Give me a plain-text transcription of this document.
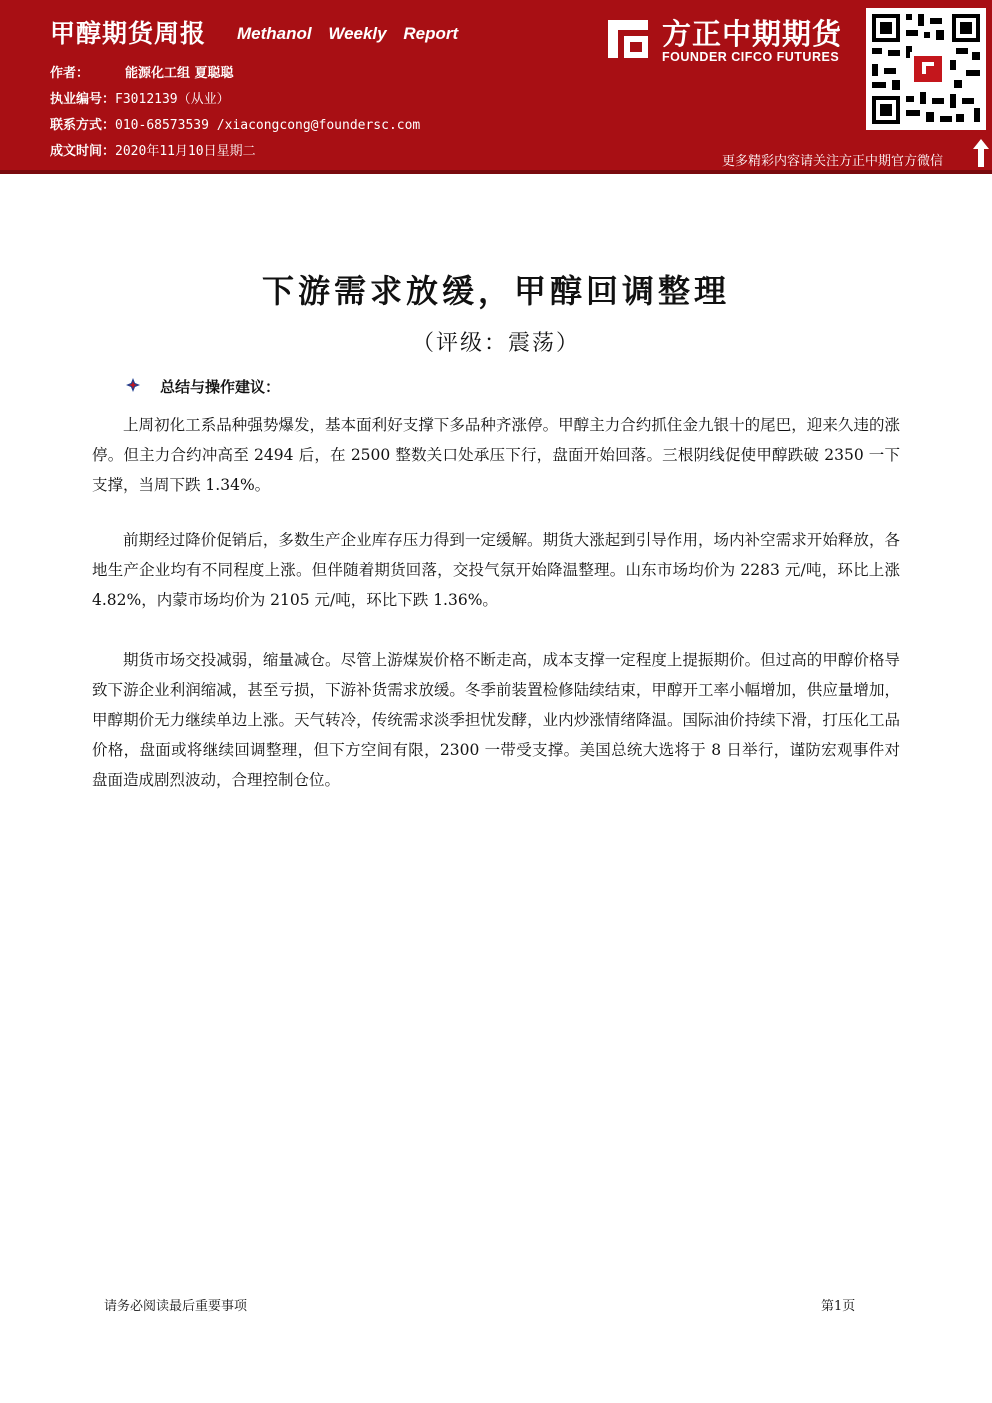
甲醇期货周报 Methanol Weekly Report
作者：	能源化工组 夏聪聪
执业编号：F3012139（从业）
联系方式：010-68573539 /xiacongcong@foundersc.com
成文时间：2020年11月10日星期二
方正中期期货
FOUNDER CIFCO FUTURES
更多精彩内容请关注方正中期官方微信
下游需求放缓，甲醇回调整理
（评级：震荡）
总结与操作建议：

上周初化工系品种强势爆发，基本面利好支撑下多品种齐涨停。甲醇主力合约抓住金九银十的尾巴，迎来久违的涨停。但主力合约冲高至 2494 后，在 2500 整数关口处承压下行，盘面开始回落。三根阴线促使甲醇跌破 2350 一下支撑，当周下跌 1.34%。

前期经过降价促销后，多数生产企业库存压力得到一定缓解。期货大涨起到引导作用，场内补空需求开始释放，各地生产企业均有不同程度上涨。但伴随着期货回落，交投气氛开始降温整理。山东市场均价为 2283 元/吨，环比上涨 4.82%，内蒙市场均价为 2105 元/吨，环比下跌 1.36%。

期货市场交投减弱，缩量减仓。尽管上游煤炭价格不断走高，成本支撑一定程度上提振期价。但过高的甲醇价格导致下游企业利润缩减，甚至亏损，下游补货需求放缓。冬季前装置检修陆续结束，甲醇开工率小幅增加，供应量增加，甲醇期价无力继续单边上涨。天气转冷，传统需求淡季担忧发酵，业内炒涨情绪降温。国际油价持续下滑，打压化工品价格，盘面或将继续回调整理，但下方空间有限，2300 一带受支撑。美国总统大选将于 8 日举行，谨防宏观事件对盘面造成剧烈波动，合理控制仓位。

请务必阅读最后重要事项	第1页
